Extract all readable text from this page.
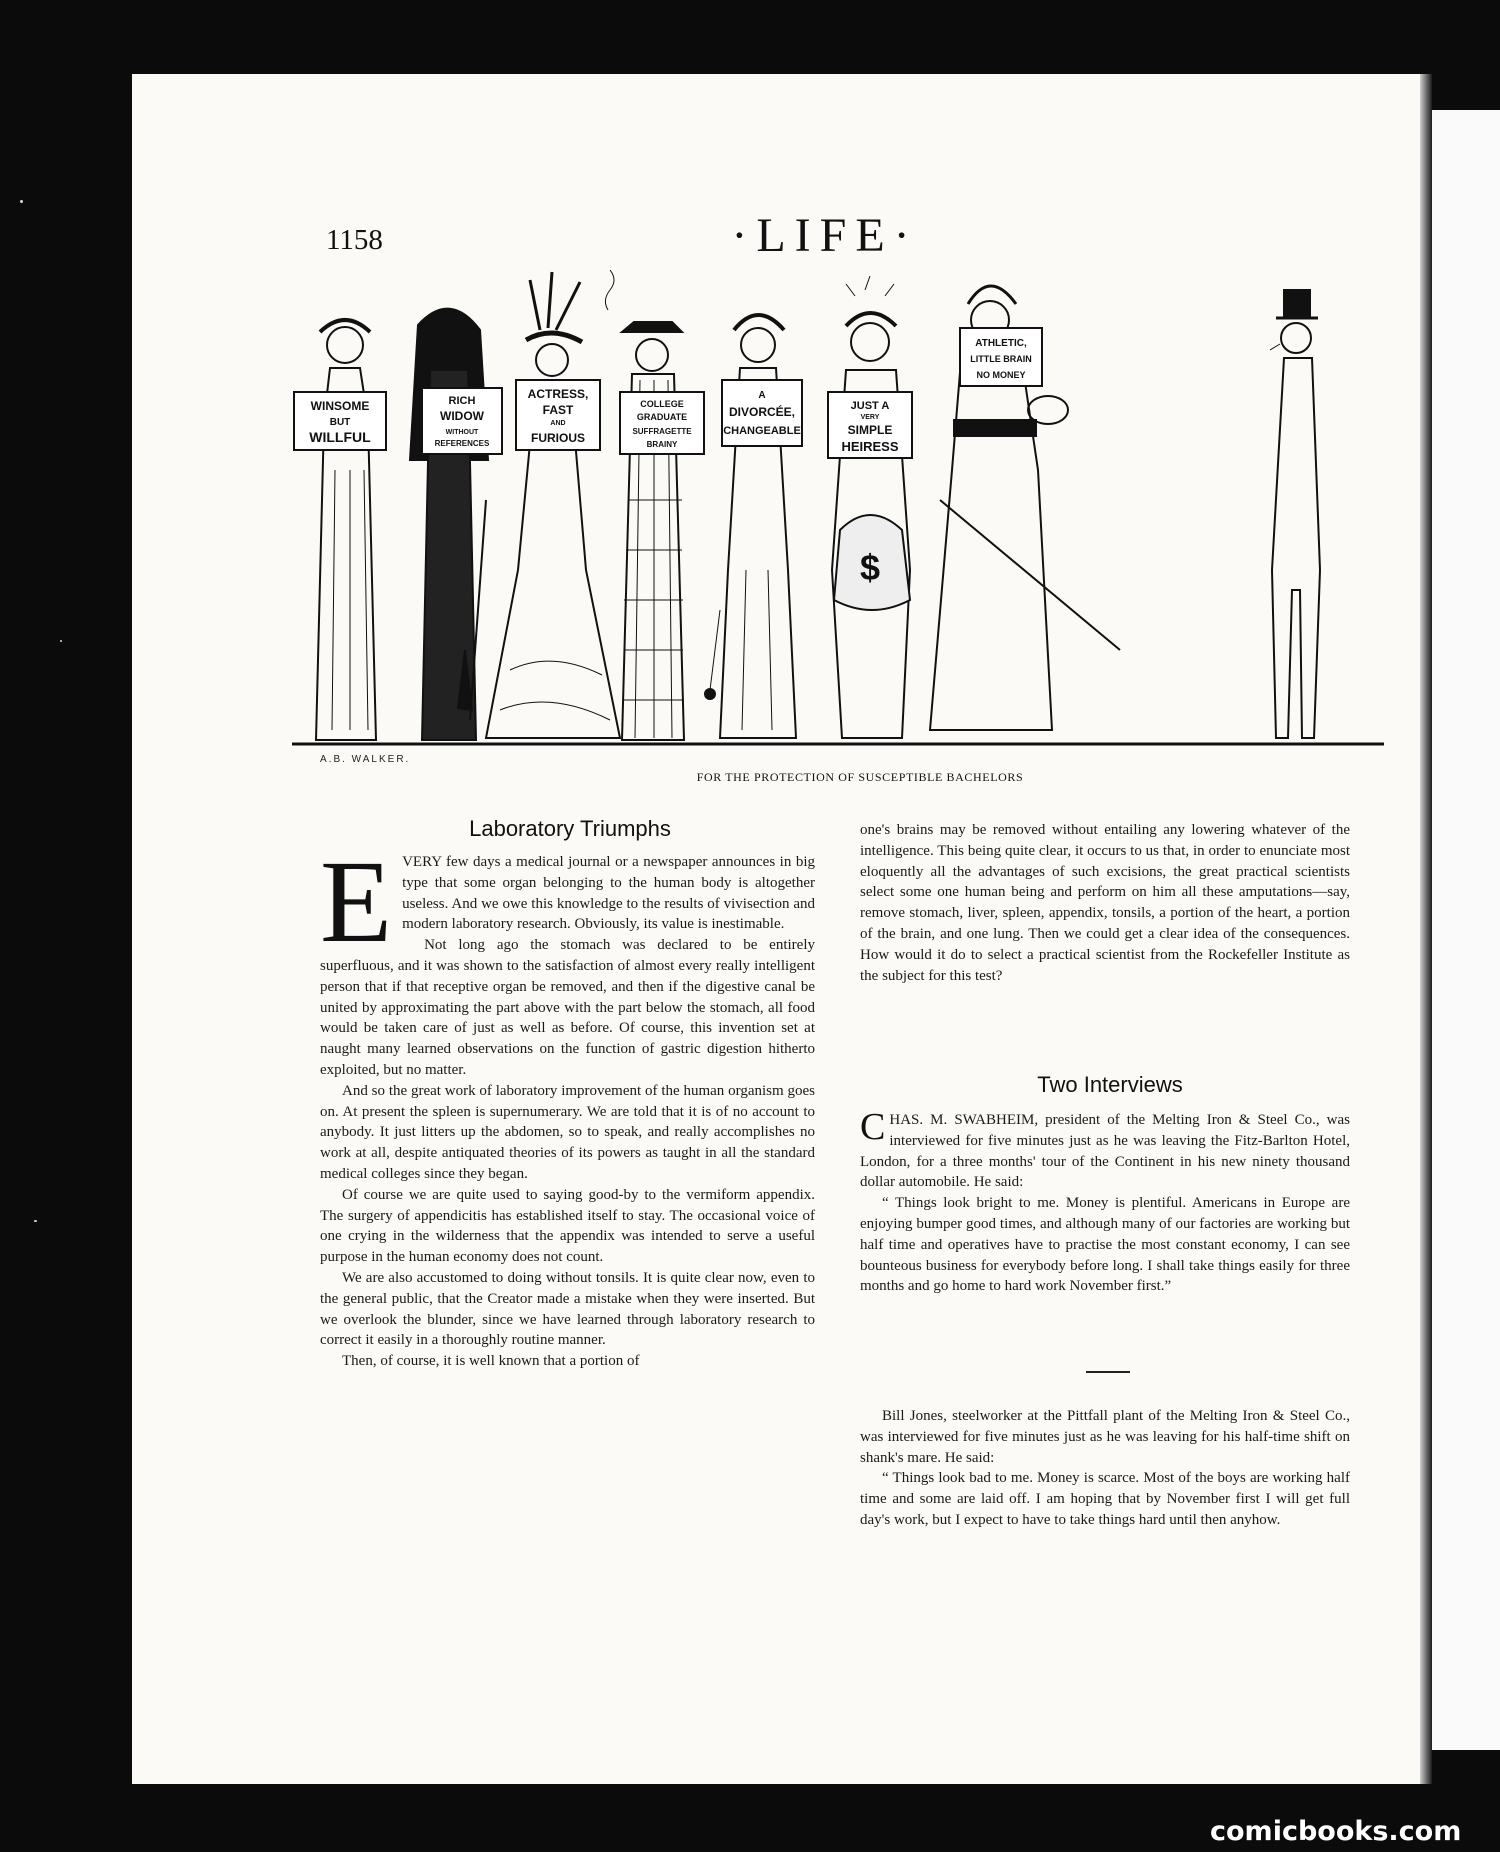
1158	·LIFE·
$
WINSOME
BUT
WILLFUL
RICH
WIDOW
WITHOUT
REFERENCES
ACTRESS,
FAST
AND
FURIOUS
COLLEGE
GRADUATE
SUFFRAGETTE
BRAINY
A
DIVORCÉE,
CHANGEABLE
JUST A
VERY
SIMPLE
HEIRESS
ATHLETIC,
LITTLE BRAIN
NO MONEY
A.B. WALKER.
FOR THE PROTECTION OF SUSCEPTIBLE BACHELORS
Laboratory Triumphs

EVERY few days a medical journal or a newspaper announces in big type that some organ belonging to the human body is altogether useless. And we owe this knowledge to the results of vivisection and modern laboratory research. Obviously, its value is inestimable.

Not long ago the stomach was declared to be entirely superfluous, and it was shown to the satisfaction of almost every really intelligent person that if that receptive organ be removed, and then if the digestive canal be united by approximating the part above with the part below the stomach, all food would be taken care of just as well as before. Of course, this invention set at naught many learned observations on the function of gastric digestion hitherto exploited, but no matter.

And so the great work of laboratory improvement of the human organism goes on. At present the spleen is supernumerary. We are told that it is of no account to anybody. It just litters up the abdomen, so to speak, and really accomplishes no work at all, despite antiquated theories of its powers as taught in all the standard medical colleges since they began.

Of course we are quite used to saying good-by to the vermiform appendix. The surgery of appendicitis has established itself to stay. The occasional voice of one crying in the wilderness that the appendix was intended to serve a useful purpose in the human economy does not count.

We are also accustomed to doing without tonsils. It is quite clear now, even to the general public, that the Creator made a mistake when they were inserted. But we overlook the blunder, since we have learned through laboratory research to correct it easily in a thoroughly routine manner.

Then, of course, it is well known that a portion of

one's brains may be removed without entailing any lowering whatever of the intelligence. This being quite clear, it occurs to us that, in order to enunciate most eloquently all the advantages of such excisions, the great practical scientists select some one human being and perform on him all these amputations—say, remove stomach, liver, spleen, appendix, tonsils, a portion of the heart, a portion of the brain, and one lung. Then we could get a clear idea of the consequences. How would it do to select a practical scientist from the Rockefeller Institute as the subject for this test?

Two Interviews

CHAS. M. SWABHEIM, president of the Melting Iron & Steel Co., was interviewed for five minutes just as he was leaving the Fitz-Barlton Hotel, London, for a three months' tour of the Continent in his new ninety thousand dollar automobile. He said:

“ Things look bright to me. Money is plentiful. Americans in Europe are enjoying bumper good times, and although many of our factories are working but half time and operatives have to practise the most constant economy, I can see bounteous business for everybody before long. I shall take things easily for three months and go home to hard work November first.”

Bill Jones, steelworker at the Pittfall plant of the Melting Iron & Steel Co., was interviewed for five minutes just as he was leaving for his half-time shift on shank's mare. He said:

“ Things look bad to me. Money is scarce. Most of the boys are working half time and some are laid off. I am hoping that by November first I will get full day's work, but I expect to have to take things hard until then anyhow.

comicbooks.com
